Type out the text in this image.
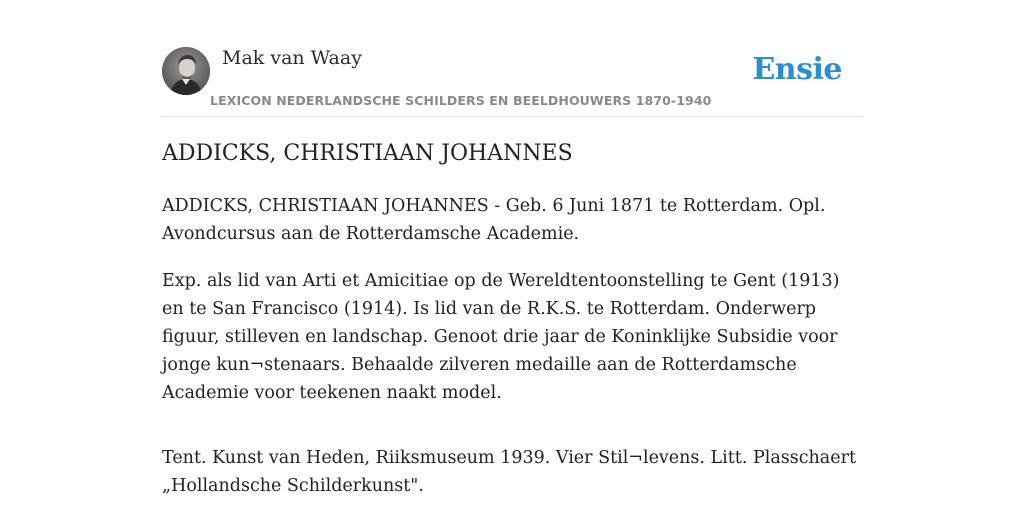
Mak van Waay
LEXICON NEDERLANDSCHE SCHILDERS EN BEELDHOUWERS 1870-1940
Ensie
ADDICKS, CHRISTIAAN JOHANNES

ADDICKS, CHRISTIAAN JOHANNES - Geb. 6 Juni 1871 te Rotterdam. Opl. Avondcursus aan de Rotterdamsche Academie.

Exp. als lid van Arti et Amicitiae op de Wereldtentoonstelling te Gent (1913) en te San Francisco (1914). Is lid van de R.K.S. te Rotterdam. Onderwerp figuur, stilleven en landschap. Genoot drie jaar de Koninklijke Subsidie voor jonge kun¬stenaars. Behaalde zilveren medaille aan de Rotterdamsche Academie voor teekenen naakt model.

Tent. Kunst van Heden, Riiksmuseum 1939. Vier Stil¬levens. Litt. Plasschaert „Hollandsche Schilderkunst".
